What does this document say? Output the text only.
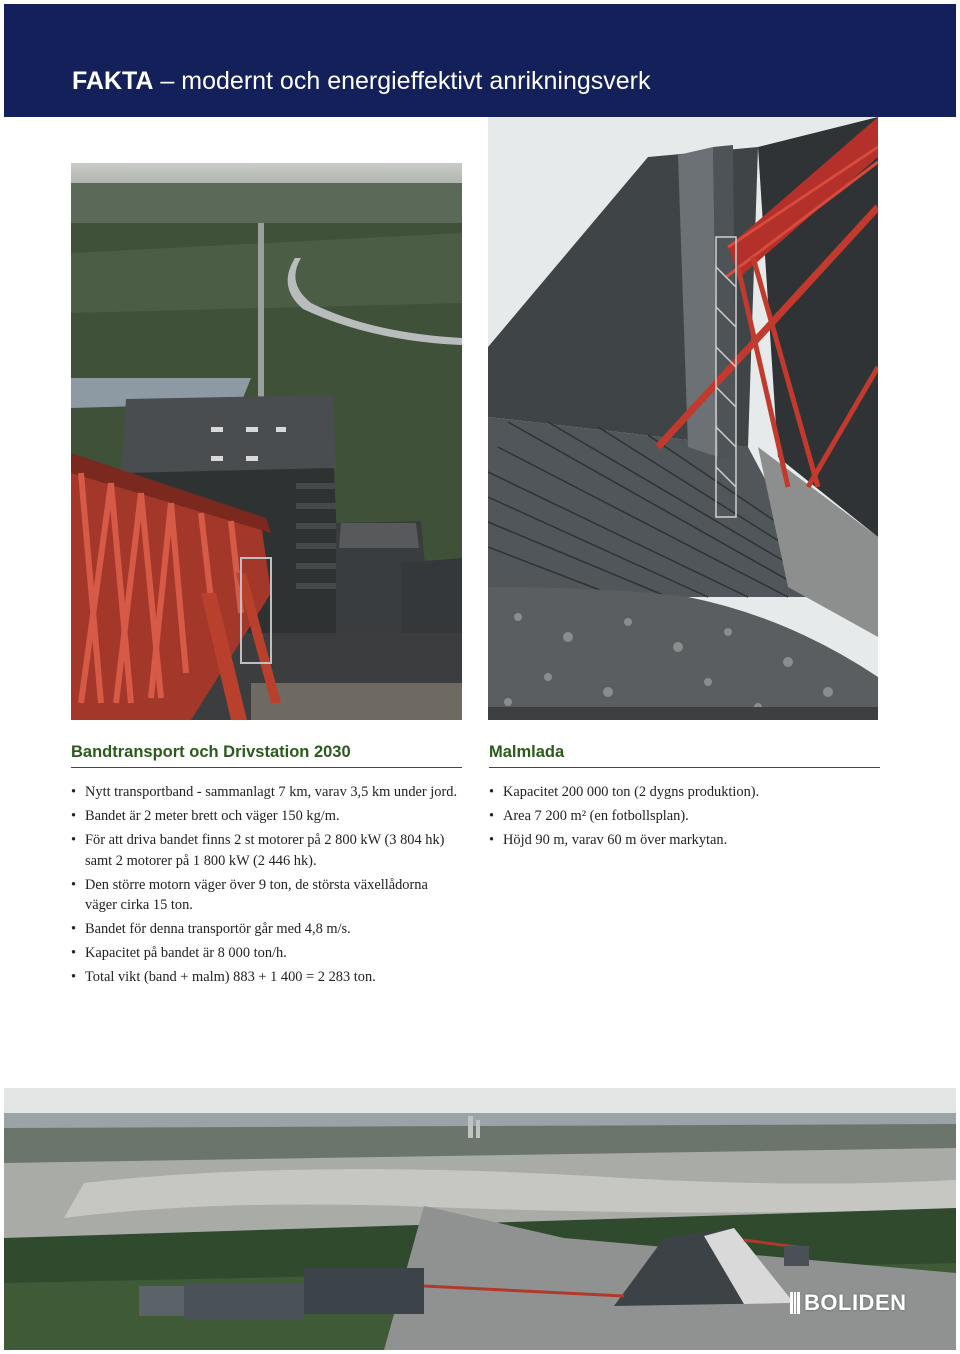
FAKTA – modernt och energieffektivt anrikningsverk
Bandtransport och Drivstation 2030
• Nytt transportband - sammanlagt 7 km, varav 3,5 km under jord.
• Bandet är 2 meter brett och väger 150 kg/m.
• För att driva bandet finns 2 st motorer på 2 800 kW (3 804 hk) samt 2 motorer på 1 800 kW (2 446 hk).
• Den större motorn väger över 9 ton, de största växellådorna väger cirka 15 ton.
• Bandet för denna transportör går med 4,8 m/s.
• Kapacitet på bandet är 8 000 ton/h.
• Total vikt (band + malm) 883 + 1 400 = 2 283 ton.
Malmlada
• Kapacitet 200 000 ton (2 dygns produktion).
• Area 7 200 m² (en fotbollsplan).
• Höjd 90 m, varav 60 m över markytan.
BOLIDEN
